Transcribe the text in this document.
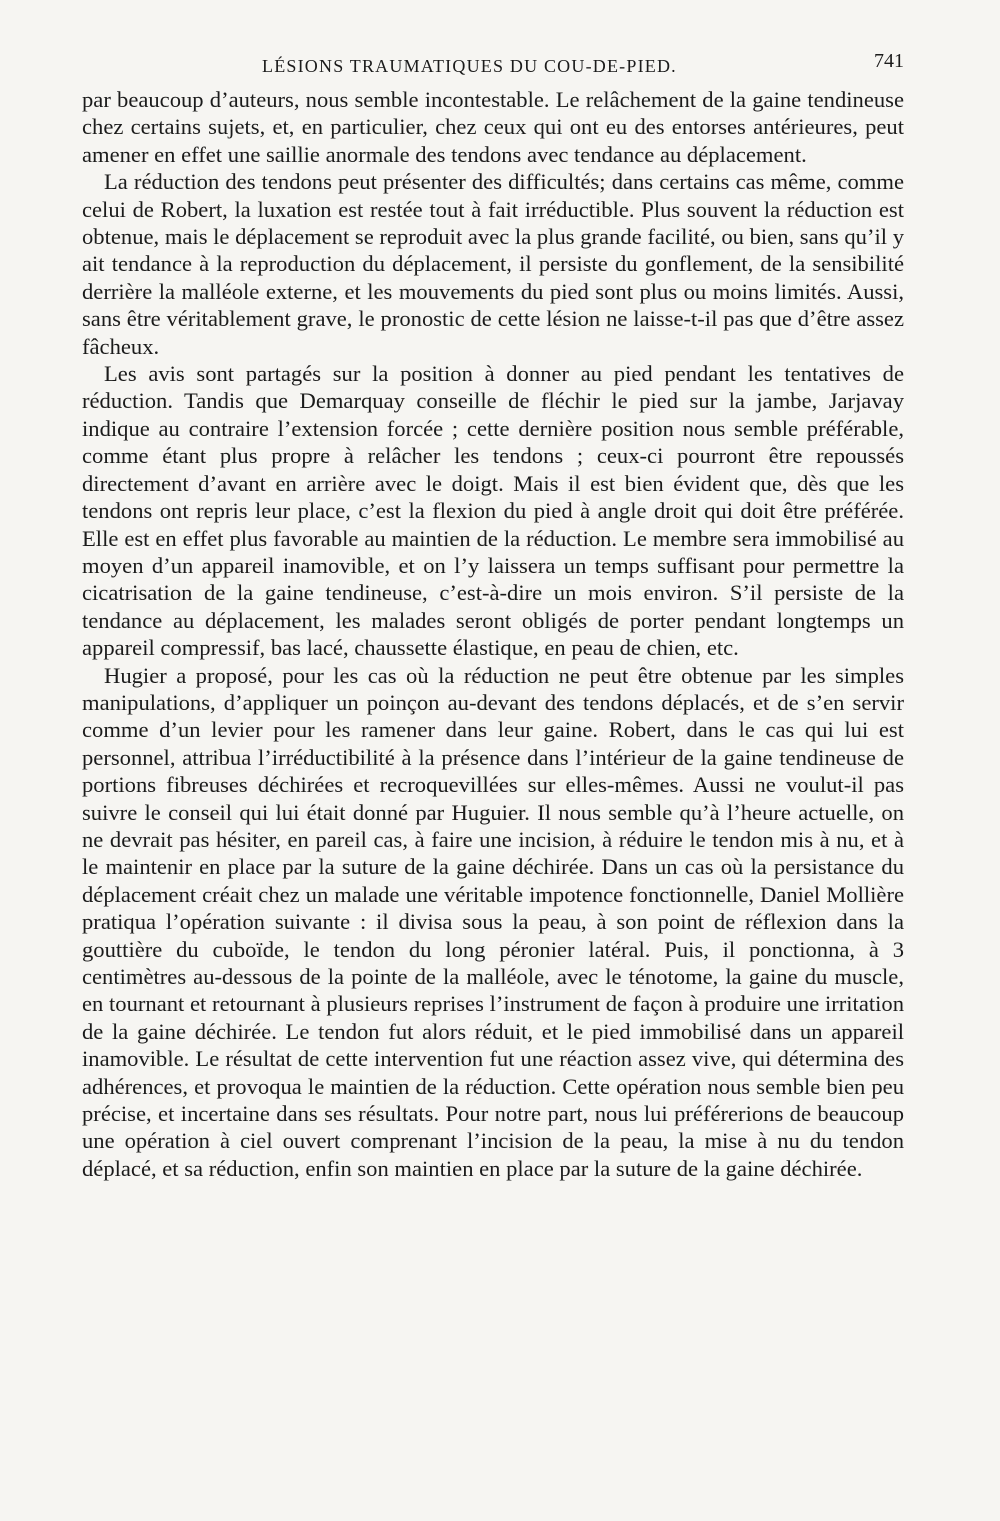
LÉSIONS TRAUMATIQUES DU COU-DE-PIED.	741

par beaucoup d’auteurs, nous semble incontestable. Le relâchement de la gaine tendineuse chez certains sujets, et, en particulier, chez ceux qui ont eu des entorses antérieures, peut amener en effet une saillie anormale des tendons avec tendance au déplacement.

La réduction des tendons peut présenter des difficultés; dans certains cas même, comme celui de Robert, la luxation est restée tout à fait irréductible. Plus souvent la réduction est obtenue, mais le déplacement se reproduit avec la plus grande facilité, ou bien, sans qu’il y ait tendance à la reproduction du déplacement, il persiste du gonflement, de la sensibilité derrière la malléole externe, et les mouvements du pied sont plus ou moins limités. Aussi, sans être véritablement grave, le pronostic de cette lésion ne laisse-t-il pas que d’être assez fâcheux.

Les avis sont partagés sur la position à donner au pied pendant les tentatives de réduction. Tandis que Demarquay conseille de fléchir le pied sur la jambe, Jarjavay indique au contraire l’extension forcée ; cette dernière position nous semble préférable, comme étant plus propre à relâcher les tendons ; ceux-ci pourront être repoussés directement d’avant en arrière avec le doigt. Mais il est bien évident que, dès que les tendons ont repris leur place, c’est la flexion du pied à angle droit qui doit être préférée. Elle est en effet plus favorable au maintien de la réduction. Le membre sera immobilisé au moyen d’un appareil inamovible, et on l’y laissera un temps suffisant pour permettre la cicatrisation de la gaine tendineuse, c’est-à-dire un mois environ. S’il persiste de la tendance au déplacement, les malades seront obligés de porter pendant longtemps un appareil compressif, bas lacé, chaussette élastique, en peau de chien, etc.

Hugier a proposé, pour les cas où la réduction ne peut être obtenue par les simples manipulations, d’appliquer un poinçon au-devant des tendons déplacés, et de s’en servir comme d’un levier pour les ramener dans leur gaine. Robert, dans le cas qui lui est personnel, attribua l’irréductibilité à la présence dans l’intérieur de la gaine tendineuse de portions fibreuses déchirées et recroquevillées sur elles-mêmes. Aussi ne voulut-il pas suivre le conseil qui lui était donné par Huguier. Il nous semble qu’à l’heure actuelle, on ne devrait pas hésiter, en pareil cas, à faire une incision, à réduire le tendon mis à nu, et à le maintenir en place par la suture de la gaine déchirée. Dans un cas où la persistance du déplacement créait chez un malade une véritable impotence fonctionnelle, Daniel Mollière pratiqua l’opération suivante : il divisa sous la peau, à son point de réflexion dans la gouttière du cuboïde, le tendon du long péronier latéral. Puis, il ponctionna, à 3 centimètres au-dessous de la pointe de la malléole, avec le ténotome, la gaine du muscle, en tournant et retournant à plusieurs reprises l’instrument de façon à produire une irritation de la gaine déchirée. Le tendon fut alors réduit, et le pied immobilisé dans un appareil inamovible. Le résultat de cette intervention fut une réaction assez vive, qui détermina des adhérences, et provoqua le maintien de la réduction. Cette opération nous semble bien peu précise, et incertaine dans ses résultats. Pour notre part, nous lui préférerions de beaucoup une opération à ciel ouvert comprenant l’incision de la peau, la mise à nu du tendon déplacé, et sa réduction, enfin son maintien en place par la suture de la gaine déchirée.
